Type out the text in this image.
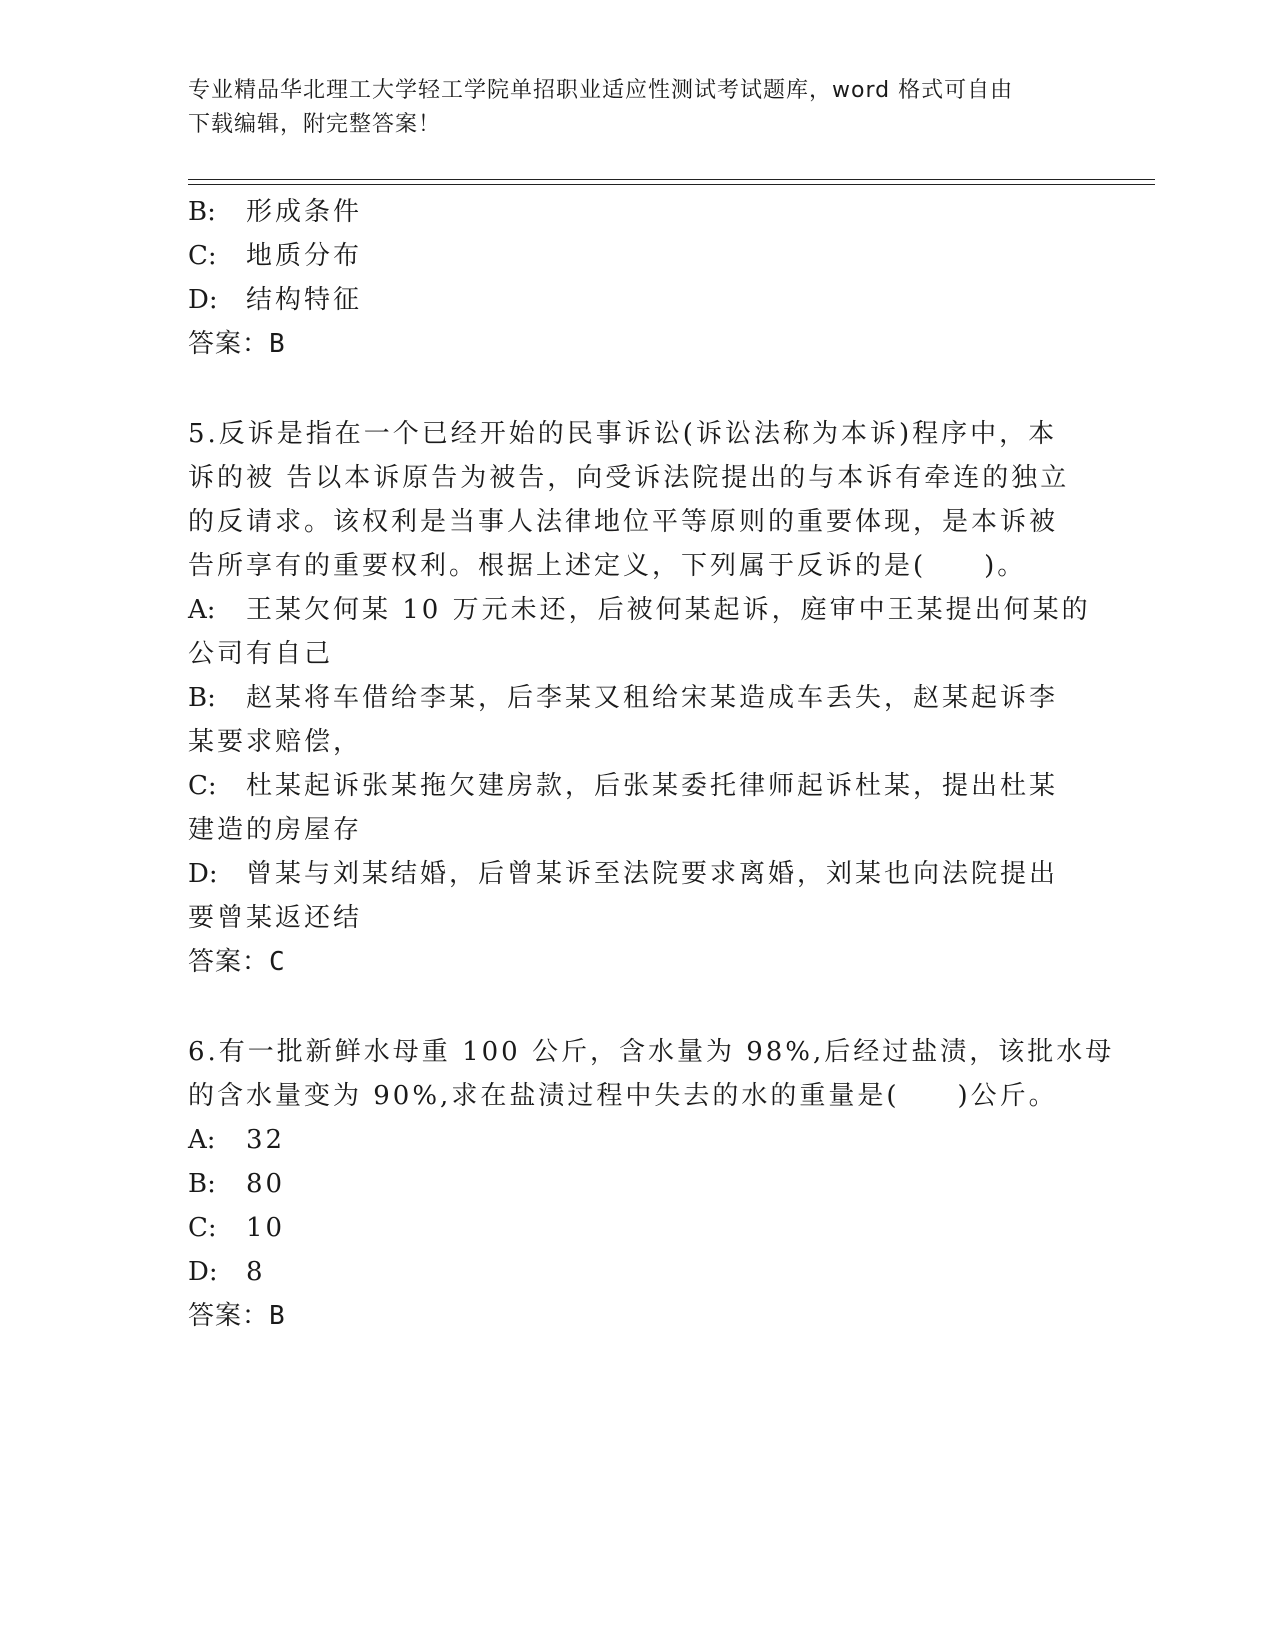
专业精品华北理工大学轻工学院单招职业适应性测试考试题库，word 格式可自由
下载编辑，附完整答案！
B: 形成条件
C: 地质分布
D: 结构特征
答案：B
5.反诉是指在一个已经开始的民事诉讼(诉讼法称为本诉)程序中，本
诉的被 告以本诉原告为被告，向受诉法院提出的与本诉有牵连的独立
的反请求。该权利是当事人法律地位平等原则的重要体现，是本诉被
告所享有的重要权利。根据上述定义，下列属于反诉的是(　　)。
A: 王某欠何某 10 万元未还，后被何某起诉，庭审中王某提出何某的
公司有自己
B: 赵某将车借给李某，后李某又租给宋某造成车丢失，赵某起诉李
某要求赔偿，
C: 杜某起诉张某拖欠建房款，后张某委托律师起诉杜某，提出杜某
建造的房屋存
D: 曾某与刘某结婚，后曾某诉至法院要求离婚，刘某也向法院提出
要曾某返还结
答案：C
6.有一批新鲜水母重 100 公斤，含水量为 98%,后经过盐渍，该批水母
的含水量变为 90%,求在盐渍过程中失去的水的重量是(　　)公斤。
A: 32
B: 80
C: 10
D: 8
答案：B
